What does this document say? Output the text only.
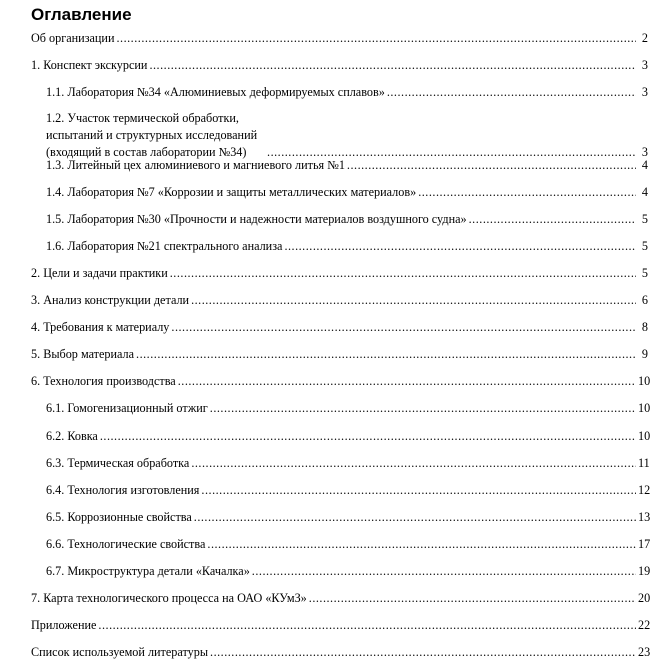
Оглавление
Об организации .....	2
1. Конспект экскурсии .....	3
1.1. Лаборатория №34 «Алюминиевых деформируемых сплавов» .....	3
1.2. Участок термической обработки, испытаний и структурных исследований (входящий в состав лаборатории №34) .....	3
1.3. Литейный цех алюминиевого и магниевого литья №1 .....	4
1.4. Лаборатория №7 «Коррозии и защиты металлических материалов» .....	4
1.5. Лаборатория №30 «Прочности и надежности материалов воздушного судна» .....	5
1.6. Лаборатория №21 спектрального анализа .....	5
2. Цели и задачи практики .....	5
3. Анализ конструкции детали .....	6
4. Требования к материалу .....	8
5. Выбор материала .....	9
6. Технология производства .....	10
6.1. Гомогенизационный отжиг .....	10
6.2. Ковка .....	10
6.3. Термическая обработка .....	11
6.4. Технология изготовления .....	12
6.5. Коррозионные свойства .....	13
6.6. Технологические свойства .....	17
6.7. Микроструктура детали «Качалка» .....	19
7. Карта технологического процесса на ОАО «КУмЗ» .....	20
Приложение .....	22
Список используемой литературы .....	23
